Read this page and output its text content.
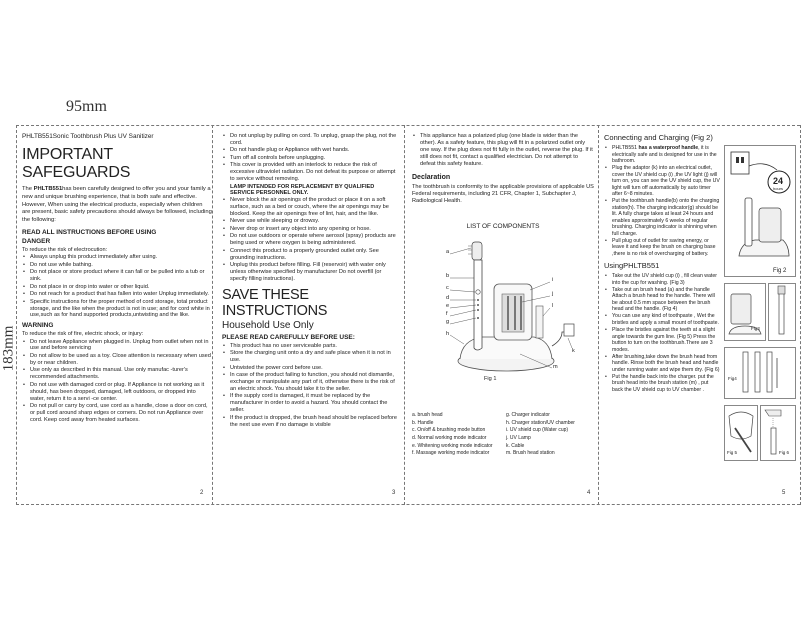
95mm
183mm
PHLTB551Sonic Toothbrush Plus UV Sanitizer
IMPORTANT SAFEGUARDS
The PHLTB551has been carefully designed to offer you and your family a new and unique brushing experience, that is both safe and effective. However, When using the electrical products, especially when children are present, basic safety precautions should always be followed, including the following:
READ ALL INSTRUCTIONS BEFORE USING
DANGER
To reduce the risk of electrocution:
• Always unplug this product immediately after using.
• Do not use while bathing.
• Do not place or store product where it can fall or be pulled into a tub or sink.
• Do not place in or drop into water or other liquid.
• Do not reach for a product that has fallen into water Unplug immediately.
• Specific instructions for the proper method of cord storage, total product storage, and the like when the product is not in use; and for cord white in use,such as for hand supported products,untwisting and the like.
WARNING
To reduce the risk of fire, electric shock, or injury:
• Do not leave Appliance when plugged in. Unplug from outlet when not in use and before servicing
• Do not allow to be used as a toy. Close attention is necessary when used by or near children.
• Use only as described in this manual. Use only manufac -turer's recommended attachments.
• Do not use with damaged cord or plug. If Appliance is not working as it should, has been dropped, damaged, left outdoors, or dropped into water, return it to a servi -ce center.
• Do not pull or carry by cord, use cord as a handle, close a door on cord, or pull cord around sharp edges or corners. Do not run Appliance over cord. Keep cord away from heated surfaces.
2
• Do not unplug by pulling on cord. To unplug, grasp the plug, not the cord.
• Do not handle plug or Appliance with wet hands.
• Turn off all controls before unplugging.
• This cover is provided with an interlock to reduce the risk of excessive ultraviolet radiation. Do not defeat its purpose or attempt to service without removing.
LAMP INTENDED FOR REPLACEMENT BY QUALIFIED SERVICE PERSONNEL ONLY.
• Never block the air openings of the product or place it on a soft surface, such as a bed or couch, where the air openings may be blocked. Keep the air openings free of lint, hair, and the like.
• Never use while sleeping or drowsy.
• Never drop or insert any object into any opening or hose.
• Do not use outdoors or operate where aerosol (spray) products are being used or where oxygen is being administered.
• Connect this product to a properly grounded outlet only. See grounding instructions.
• Unplug this product before filling. Fill (reservoir) with water only unless otherwise specified by manufacturer Do not overfill (or specify filling instructions).
SAVE THESE INSTRUCTIONS
Household Use Only
PLEASE READ CAREFULLY BEFORE USE:
• This product has no user serviceable parts.
• Store the charging unit onto a dry and safe place when it is not in use.
• Untwisted the power cord before use.
• In case of the product failing to function, you should not dismantle, exchange or manipulate any part of it, otherwise there is the risk of an electric shock. You should take it to the seller.
• If the supply cord is damaged, it must be replaced by the manufacturer in order to avoid a hazard. You should contact the seller.
• If the product is dropped, the brush head should be replaced before the next use even if no damage is visible
3
• This appliance has a polarized plug (one blade is wider than the other). As a safety feature, this plug will fit in a polarized outlet only one way. If the plug does not fit fully in the outlet, reverse the plug. If it still does not fit, contact a qualified electrician. Do not attempt to defeat this safety feature.
Declaration
The toothbrush is conformity to the applicable provisions of applicable US Federal requirements, including 21 CFR, Chapter 1, Subchapter J, Radiological Health.
LIST OF COMPONENTS
a
b
c
d
e
f
g
h
i
j
l
k
m
Fig 1
a. brush head	g. Charger indicator
b. Handle	h. Charger station/UV chamber
c. On/off & brushing mode button	i. UV shield cup (Water cup)
d. Normal working mode indicator	j. UV Lamp
e. Whitening working mode indicator	k. Cable
f. Massage working mode indicator	m. Brush head station
4
Connecting and Charging (Fig 2)
• PHLTB551 has a waterproof handle, it is electrically safe and is designed for use in the bathroom.
• Plug the adaptor (k) into an electrical outlet, cover the UV shield cup (i) ,the UV light (j) will turn on, you can see the UV shield cup, the UV light will turn off automatically by auto timer after 6~8 minutes.
• Put the toothbrush handle(b) onto the charging station(h). The charging indicator(g) should be lit. A fully charge takes at least 24 hours and enables approximately 6 weeks of regular brushing. Charging indicator is shinning when full charge.
• Pull plug out of outlet for saving energy, or leave it and keep the brush on charging base ,there is no risk of overcharging of battery.
UsingPHLTB551
• Take out the UV shield cup (i) , fill clean water into the cup for washing. (Fig 3)
• Take out an brush head (a) and the handle Attach a brush head to the handle. There will be about 0.5 mm space between the brush head and the handle. (Fig 4)
• You can use any kind of toothpaste , Wet the bristles and apply a small mount of toothpaste.
• Place the bristles against the teeth at a slight angle towards the gum line. (Fig 5) Press the button to turn on the toothbrush.There are 3 modes.
• After brushing,take down the brush head from handle. Rinse both the brush head and handle under running water and wipe them dry. (Fig 6)
• Put the handle back into the charger. put the brush head into the brush station (m) , put back the UV shield cup to UV chamber .
24
hours
Fig 2
Fig3
Fig4
Fig 5	Fig 6
5
